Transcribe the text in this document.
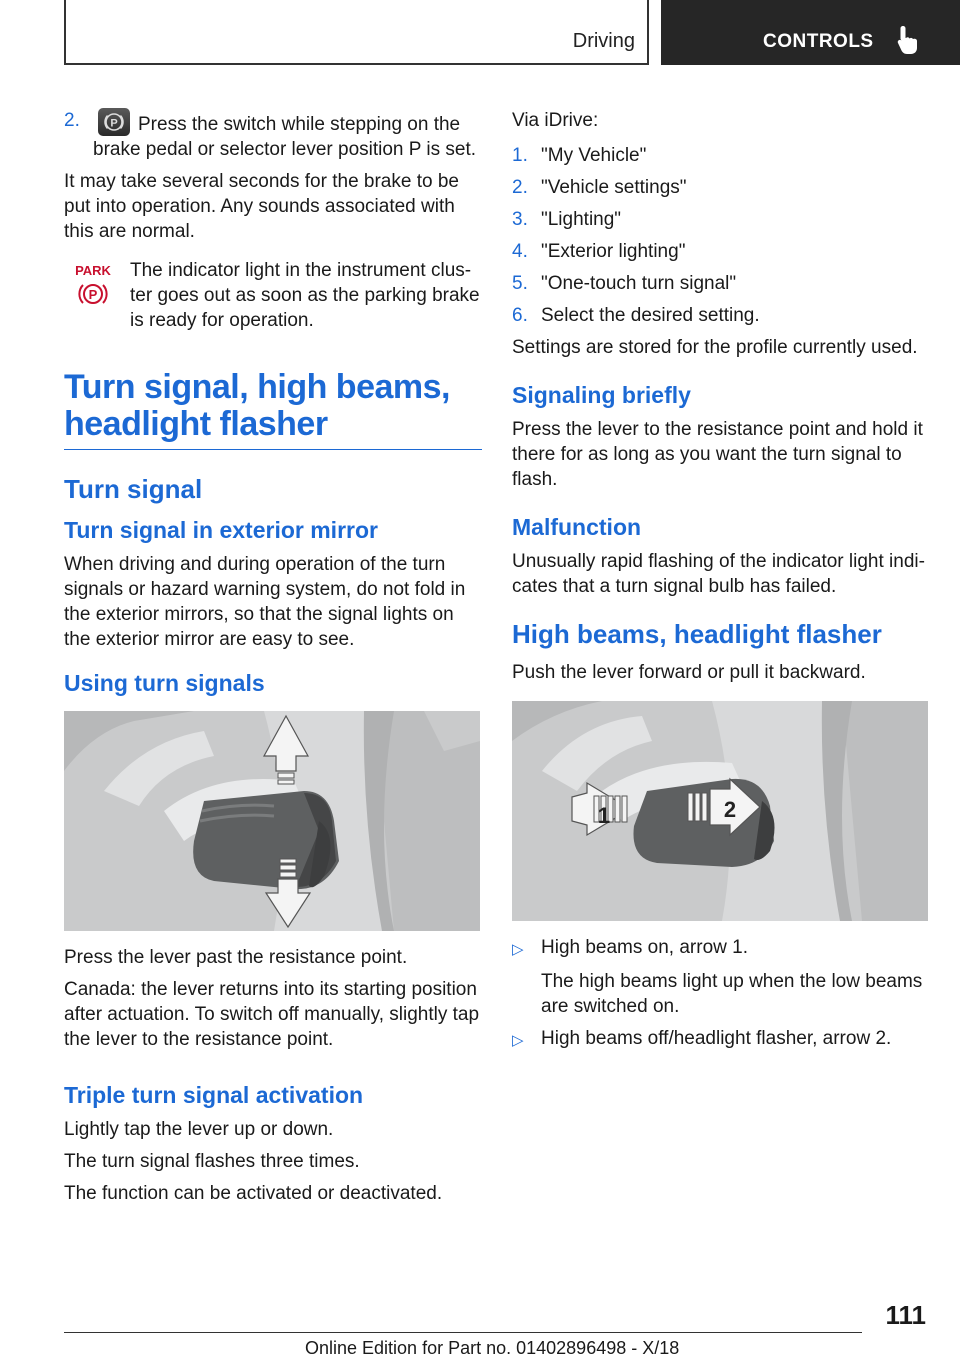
Driving	CONTROLS
2.	P Press the switch while stepping on the brake pedal or selector lever position P is set.

It may take several seconds for the brake to be put into operation. Any sounds associated with this are normal.

PARK
P
The indicator light in the instrument clus‐ter goes out as soon as the parking brake is ready for operation.
Turn signal, high beams, headlight flasher
Turn signal
Turn signal in exterior mirror

When driving and during operation of the turn signals or hazard warning system, do not fold in the exterior mirrors, so that the signal lights on the exterior mirror are easy to see.

Using turn signals

Press the lever past the resistance point.

Canada: the lever returns into its starting position after actuation. To switch off manually, slightly tap the lever to the resistance point.

Triple turn signal activation

Lightly tap the lever up or down.

The turn signal flashes three times.

The function can be activated or deactivated.

Via iDrive:

1. "My Vehicle"
2. "Vehicle settings"
3. "Lighting"
4. "Exterior lighting"
5. "One-touch turn signal"
6. Select the desired setting.

Settings are stored for the profile currently used.

Signaling briefly

Press the lever to the resistance point and hold it there for as long as you want the turn signal to flash.

Malfunction

Unusually rapid flashing of the indicator light indi‐cates that a turn signal bulb has failed.

High beams, headlight flasher

Push the lever forward or pull it backward.

1	2
▷ High beams on, arrow 1.
The high beams light up when the low beams are switched on.
▷ High beams off/headlight flasher, arrow 2.
111
Online Edition for Part no. 01402896498 - X/18
